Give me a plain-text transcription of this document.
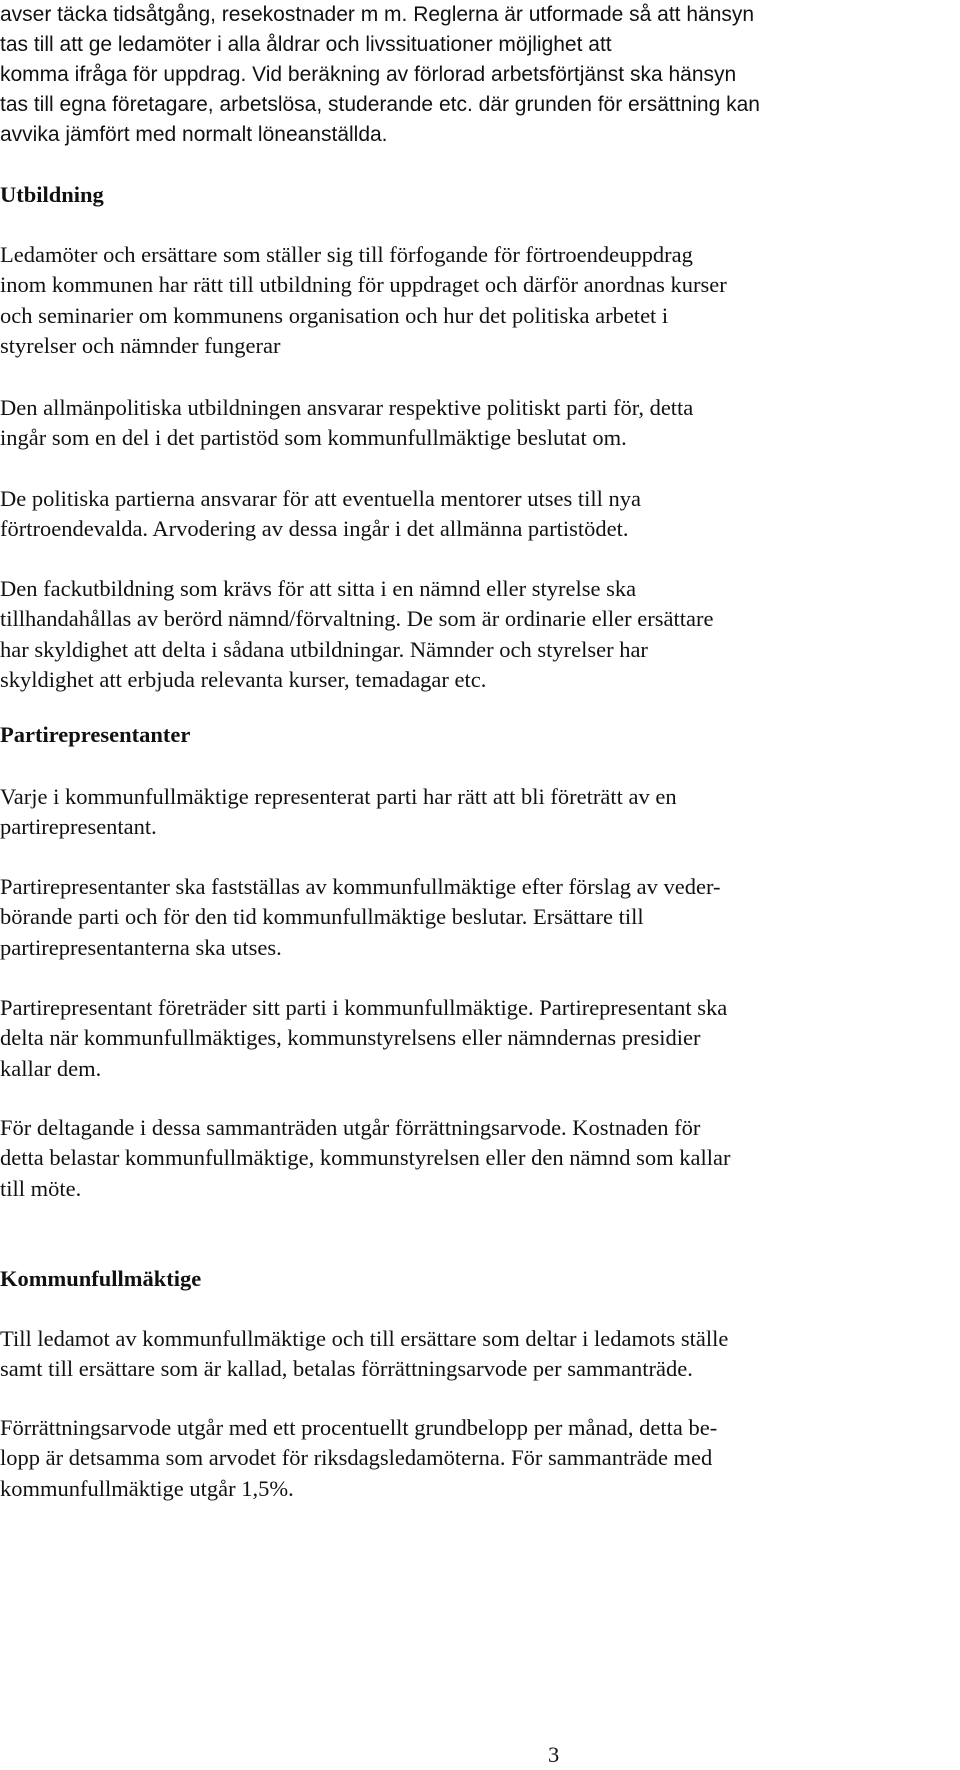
avser täcka tidsåtgång, resekostnader m m. Reglerna är utformade så att hänsyn
tas till att ge ledamöter i alla åldrar och livssituationer möjlighet att
komma ifråga för uppdrag. Vid beräkning av förlorad arbetsförtjänst ska hänsyn
tas till egna företagare, arbetslösa, studerande etc. där grunden för ersättning kan
avvika jämfört med normalt löneanställda.
Utbildning
Ledamöter och ersättare som ställer sig till förfogande för förtroendeuppdrag
inom kommunen har rätt till utbildning för uppdraget och därför anordnas kurser
och seminarier om kommunens organisation och hur det politiska arbetet i
styrelser och nämnder fungerar
Den allmänpolitiska utbildningen ansvarar respektive politiskt parti för, detta
ingår som en del i det partistöd som kommunfullmäktige beslutat om.
De politiska partierna ansvarar för att eventuella mentorer utses till nya
förtroendevalda. Arvodering av dessa ingår i det allmänna partistödet.
Den fackutbildning som krävs för att sitta i en nämnd eller styrelse ska
tillhandahållas av berörd nämnd/förvaltning. De som är ordinarie eller ersättare
har skyldighet att delta i sådana utbildningar. Nämnder och styrelser har
skyldighet att erbjuda relevanta kurser, temadagar etc.
Partirepresentanter
Varje i kommunfullmäktige representerat parti har rätt att bli företrätt av en
partirepresentant.
Partirepresentanter ska fastställas av kommunfullmäktige efter förslag av veder-
börande parti och för den tid kommunfullmäktige beslutar. Ersättare till
partirepresentanterna ska utses.
Partirepresentant företräder sitt parti i kommunfullmäktige. Partirepresentant ska
delta när kommunfullmäktiges, kommunstyrelsens eller nämndernas presidier
kallar dem.
För deltagande i dessa sammanträden utgår förrättningsarvode. Kostnaden för
detta belastar kommunfullmäktige, kommunstyrelsen eller den nämnd som kallar
till möte.
Kommunfullmäktige
Till ledamot av kommunfullmäktige och till ersättare som deltar i ledamots ställe
samt till ersättare som är kallad, betalas förrättningsarvode per sammanträde.
Förrättningsarvode utgår med ett procentuellt grundbelopp per månad, detta be-
lopp är detsamma som arvodet för riksdagsledamöterna. För sammanträde med
kommunfullmäktige utgår 1,5%.
3
